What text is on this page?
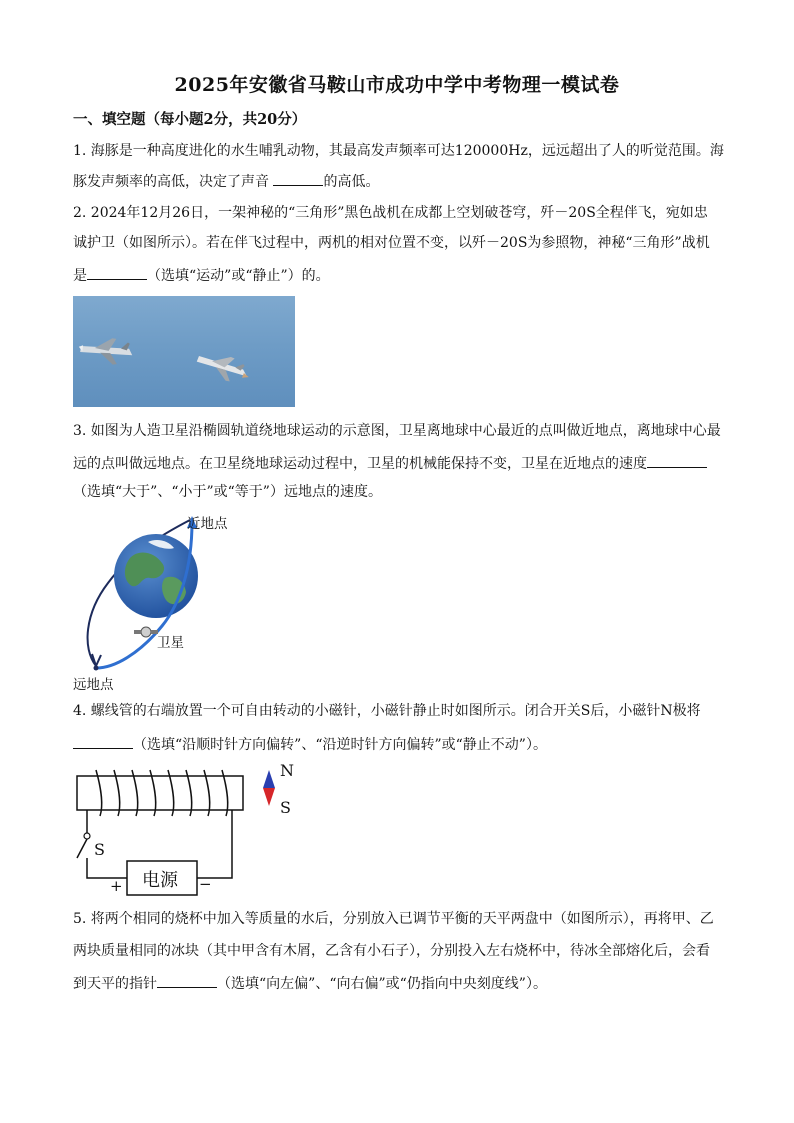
2025年安徽省马鞍山市成功中学中考物理一模试卷
一、填空题（每小题2分，共20分）
1. 海豚是一种高度进化的水生哺乳动物，其最高发声频率可达120000Hz，远远超出了人的听觉范围。海
豚发声频率的高低，决定了声音	的高低。
2. 2024年12月26日，一架神秘的“三角形”黑色战机在成都上空划破苍穹，歼－20S全程伴飞，宛如忠
诚护卫（如图所示）。若在伴飞过程中，两机的相对位置不变，以歼－20S为参照物，神秘“三角形”战机
是	（选填“运动”或“静止”）的。
3. 如图为人造卫星沿椭圆轨道绕地球运动的示意图，卫星离地球中心最近的点叫做近地点，离地球中心最
远的点叫做远地点。在卫星绕地球运动过程中，卫星的机械能保持不变，卫星在近地点的速度
（选填“大于”、“小于”或“等于”）远地点的速度。
近地点
卫星
远地点
4. 螺线管的右端放置一个可自由转动的小磁针，小磁针静止时如图所示。闭合开关S后，小磁针N极将
（选填“沿顺时针方向偏转”、“沿逆时针方向偏转”或“静止不动”）。
N
S
S
电源
+	−
5. 将两个相同的烧杯中加入等质量的水后，分别放入已调节平衡的天平两盘中（如图所示），再将甲、乙
两块质量相同的冰块（其中甲含有木屑，乙含有小石子），分别投入左右烧杯中，待冰全部熔化后，会看
到天平的指针	（选填“向左偏”、“向右偏”或“仍指向中央刻度线”）。
